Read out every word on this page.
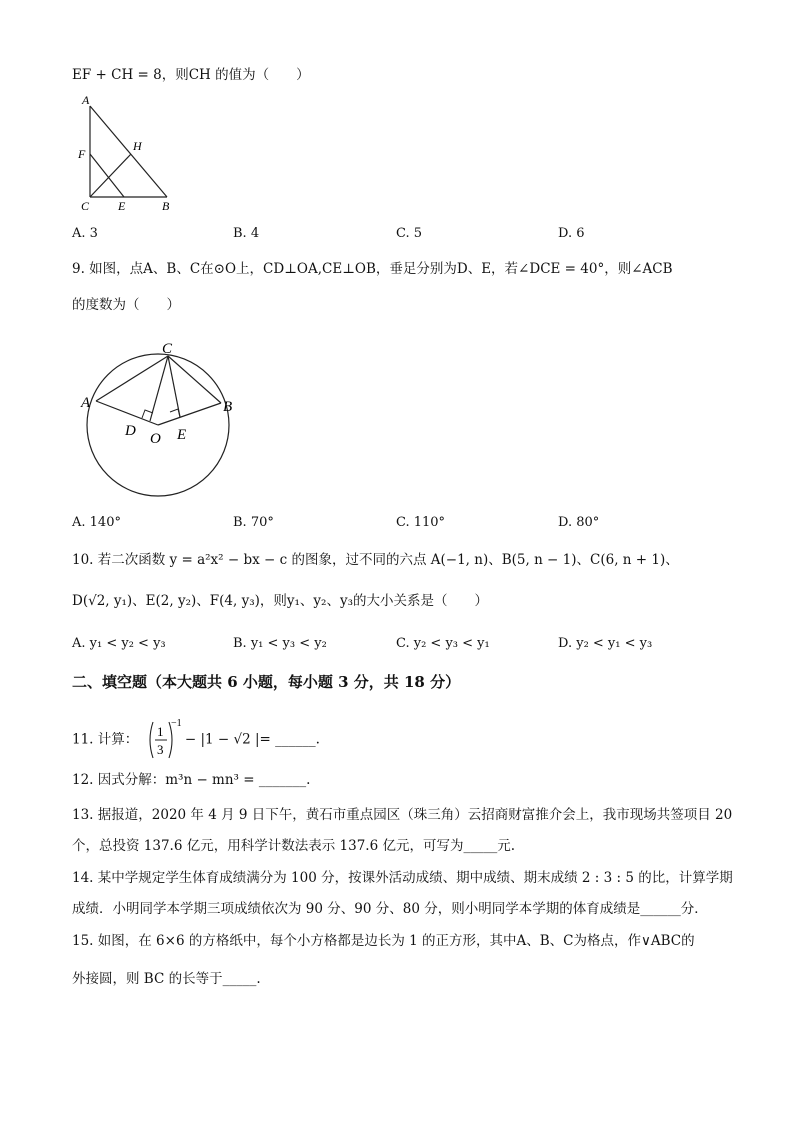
EF + CH = 8，则CH 的值为（　　）
A
F
H
C E	B
A. 3	B. 4	C. 5	D. 6
9. 如图，点A、B、C在⊙O上，CD⊥OA,CE⊥OB，垂足分别为D、E，若∠DCE = 40°，则∠ACB
的度数为（　　）
C
A	B
D O E
A. 140°	B. 70°	C. 110°	D. 80°
10. 若二次函数 y = a²x² − bx − c 的图象，过不同的六点 A(−1, n)、B(5, n − 1)、C(6, n + 1)、
D(√2, y₁)、E(2, y₂)、F(4, y₃)，则y₁、y₂、y₃的大小关系是（　　）
A. y₁ < y₂ < y₃	B. y₁ < y₃ < y₂	C. y₂ < y₃ < y₁	D. y₂ < y₁ < y₃
二、填空题（本大题共 6 小题，每小题 3 分，共 18 分）
11. 计算： 1
3
−1
− |1 − √2 |= ______.
12. 因式分解：m³n − mn³ = _______.
13. 据报道，2020 年 4 月 9 日下午，黄石市重点园区（珠三角）云招商财富推介会上，我市现场共签项目 20
个，总投资 137.6 亿元，用科学计数法表示 137.6 亿元，可写为_____元.
14. 某中学规定学生体育成绩满分为 100 分，按课外活动成绩、期中成绩、期末成绩 2 : 3 : 5 的比，计算学期
成绩．小明同学本学期三项成绩依次为 90 分、90 分、80 分，则小明同学本学期的体育成绩是______分．
15. 如图，在 6×6 的方格纸中，每个小方格都是边长为 1 的正方形，其中A、B、C为格点，作∨ABC的
外接圆，则 BC 的长等于_____.
